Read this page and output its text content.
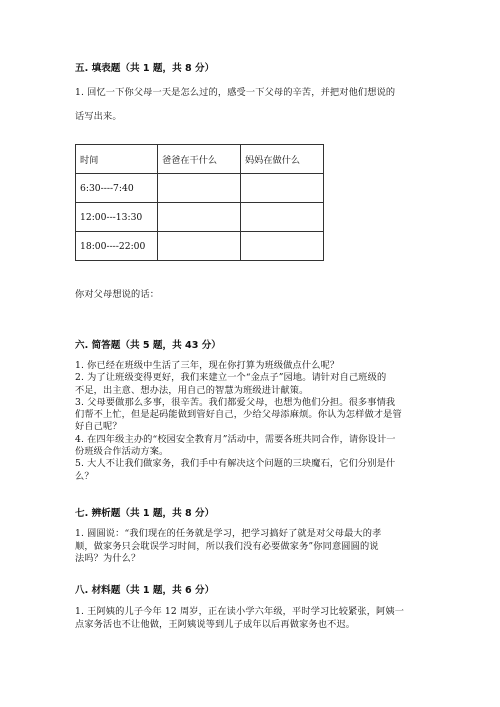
五. 填表题（共 1 题，共 8 分）

1. 回忆一下你父母一天是怎么过的，感受一下父母的辛苦，并把对他们想说的

话写出来。

时间	爸爸在干什么	妈妈在做什么
6:30----7:40		
12:00---13:30		
18:00----22:00		
你对父母想说的话：
六. 简答题（共 5 题，共 43 分）

1. 你已经在班级中生活了三年，现在你打算为班级做点什么呢？

2. 为了让班级变得更好，我们来建立一个“金点子”园地。请针对自己班级的

不足，出主意、想办法，用自己的智慧为班级进计献策。

3. 父母要做那么多事，很辛苦。我们都爱父母，也想为他们分担。很多事情我

们帮不上忙，但是起码能做到管好自己，少给父母添麻烦。你认为怎样做才是管

好自己呢？

4. 在四年级主办的“校园安全教育月”活动中，需要各班共同合作，请你设计一

份班级合作活动方案。

5. 大人不让我们做家务，我们手中有解决这个问题的三块魔石，它们分别是什

么？

七. 辨析题（共 1 题，共 8 分）

1. 圆圆说：“我们现在的任务就是学习，把学习搞好了就是对父母最大的孝

顺，做家务只会耽误学习时间，所以我们没有必要做家务”你同意圆圆的说

法吗？为什么？

八. 材料题（共 1 题，共 6 分）

1. 王阿姨的儿子今年 12 周岁，正在读小学六年级，平时学习比较紧张，阿姨一

点家务活也不让他做，王阿姨说等到儿子成年以后再做家务也不迟。
